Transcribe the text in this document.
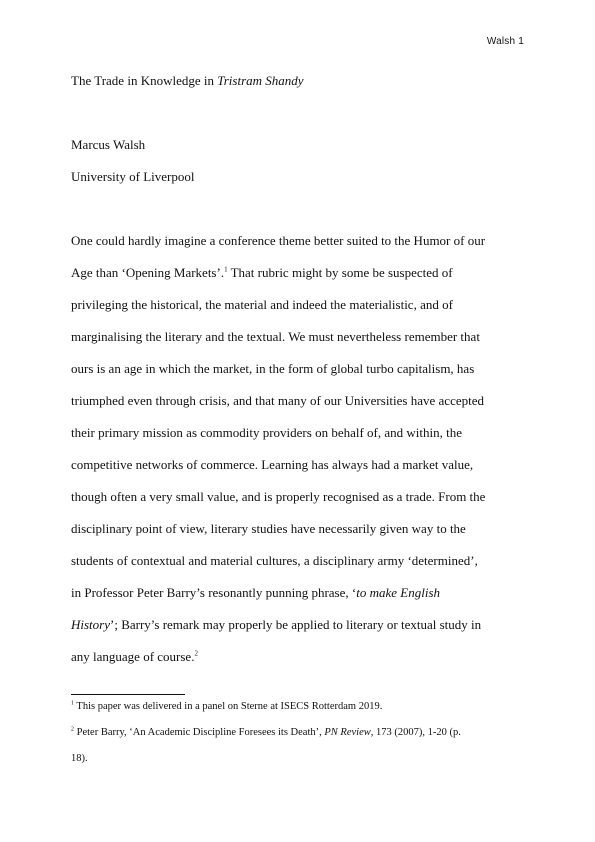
Walsh 1
The Trade in Knowledge in Tristram Shandy
Marcus Walsh
University of Liverpool
One could hardly imagine a conference theme better suited to the Humor of our
Age than ‘Opening Markets’.$^1$ That rubric might by some be suspected of
privileging the historical, the material and indeed the materialistic, and of
marginalising the literary and the textual. We must nevertheless remember that
ours is an age in which the market, in the form of global turbo capitalism, has
triumphed even through crisis, and that many of our Universities have accepted
their primary mission as commodity providers on behalf of, and within, the
competitive networks of commerce. Learning has always had a market value,
though often a very small value, and is properly recognised as a trade. From the
disciplinary point of view, literary studies have necessarily given way to the
students of contextual and material cultures, a disciplinary army ‘determined’,
in Professor Peter Barry’s resonantly punning phrase, ‘to make English
History’; Barry’s remark may properly be applied to literary or textual study in
any language of course.$^2$
$^1$ This paper was delivered in a panel on Sterne at ISECS Rotterdam 2019.
$^2$ Peter Barry, ‘An Academic Discipline Foresees its Death’, PN Review, 173 (2007), 1-20 (p.
18).
